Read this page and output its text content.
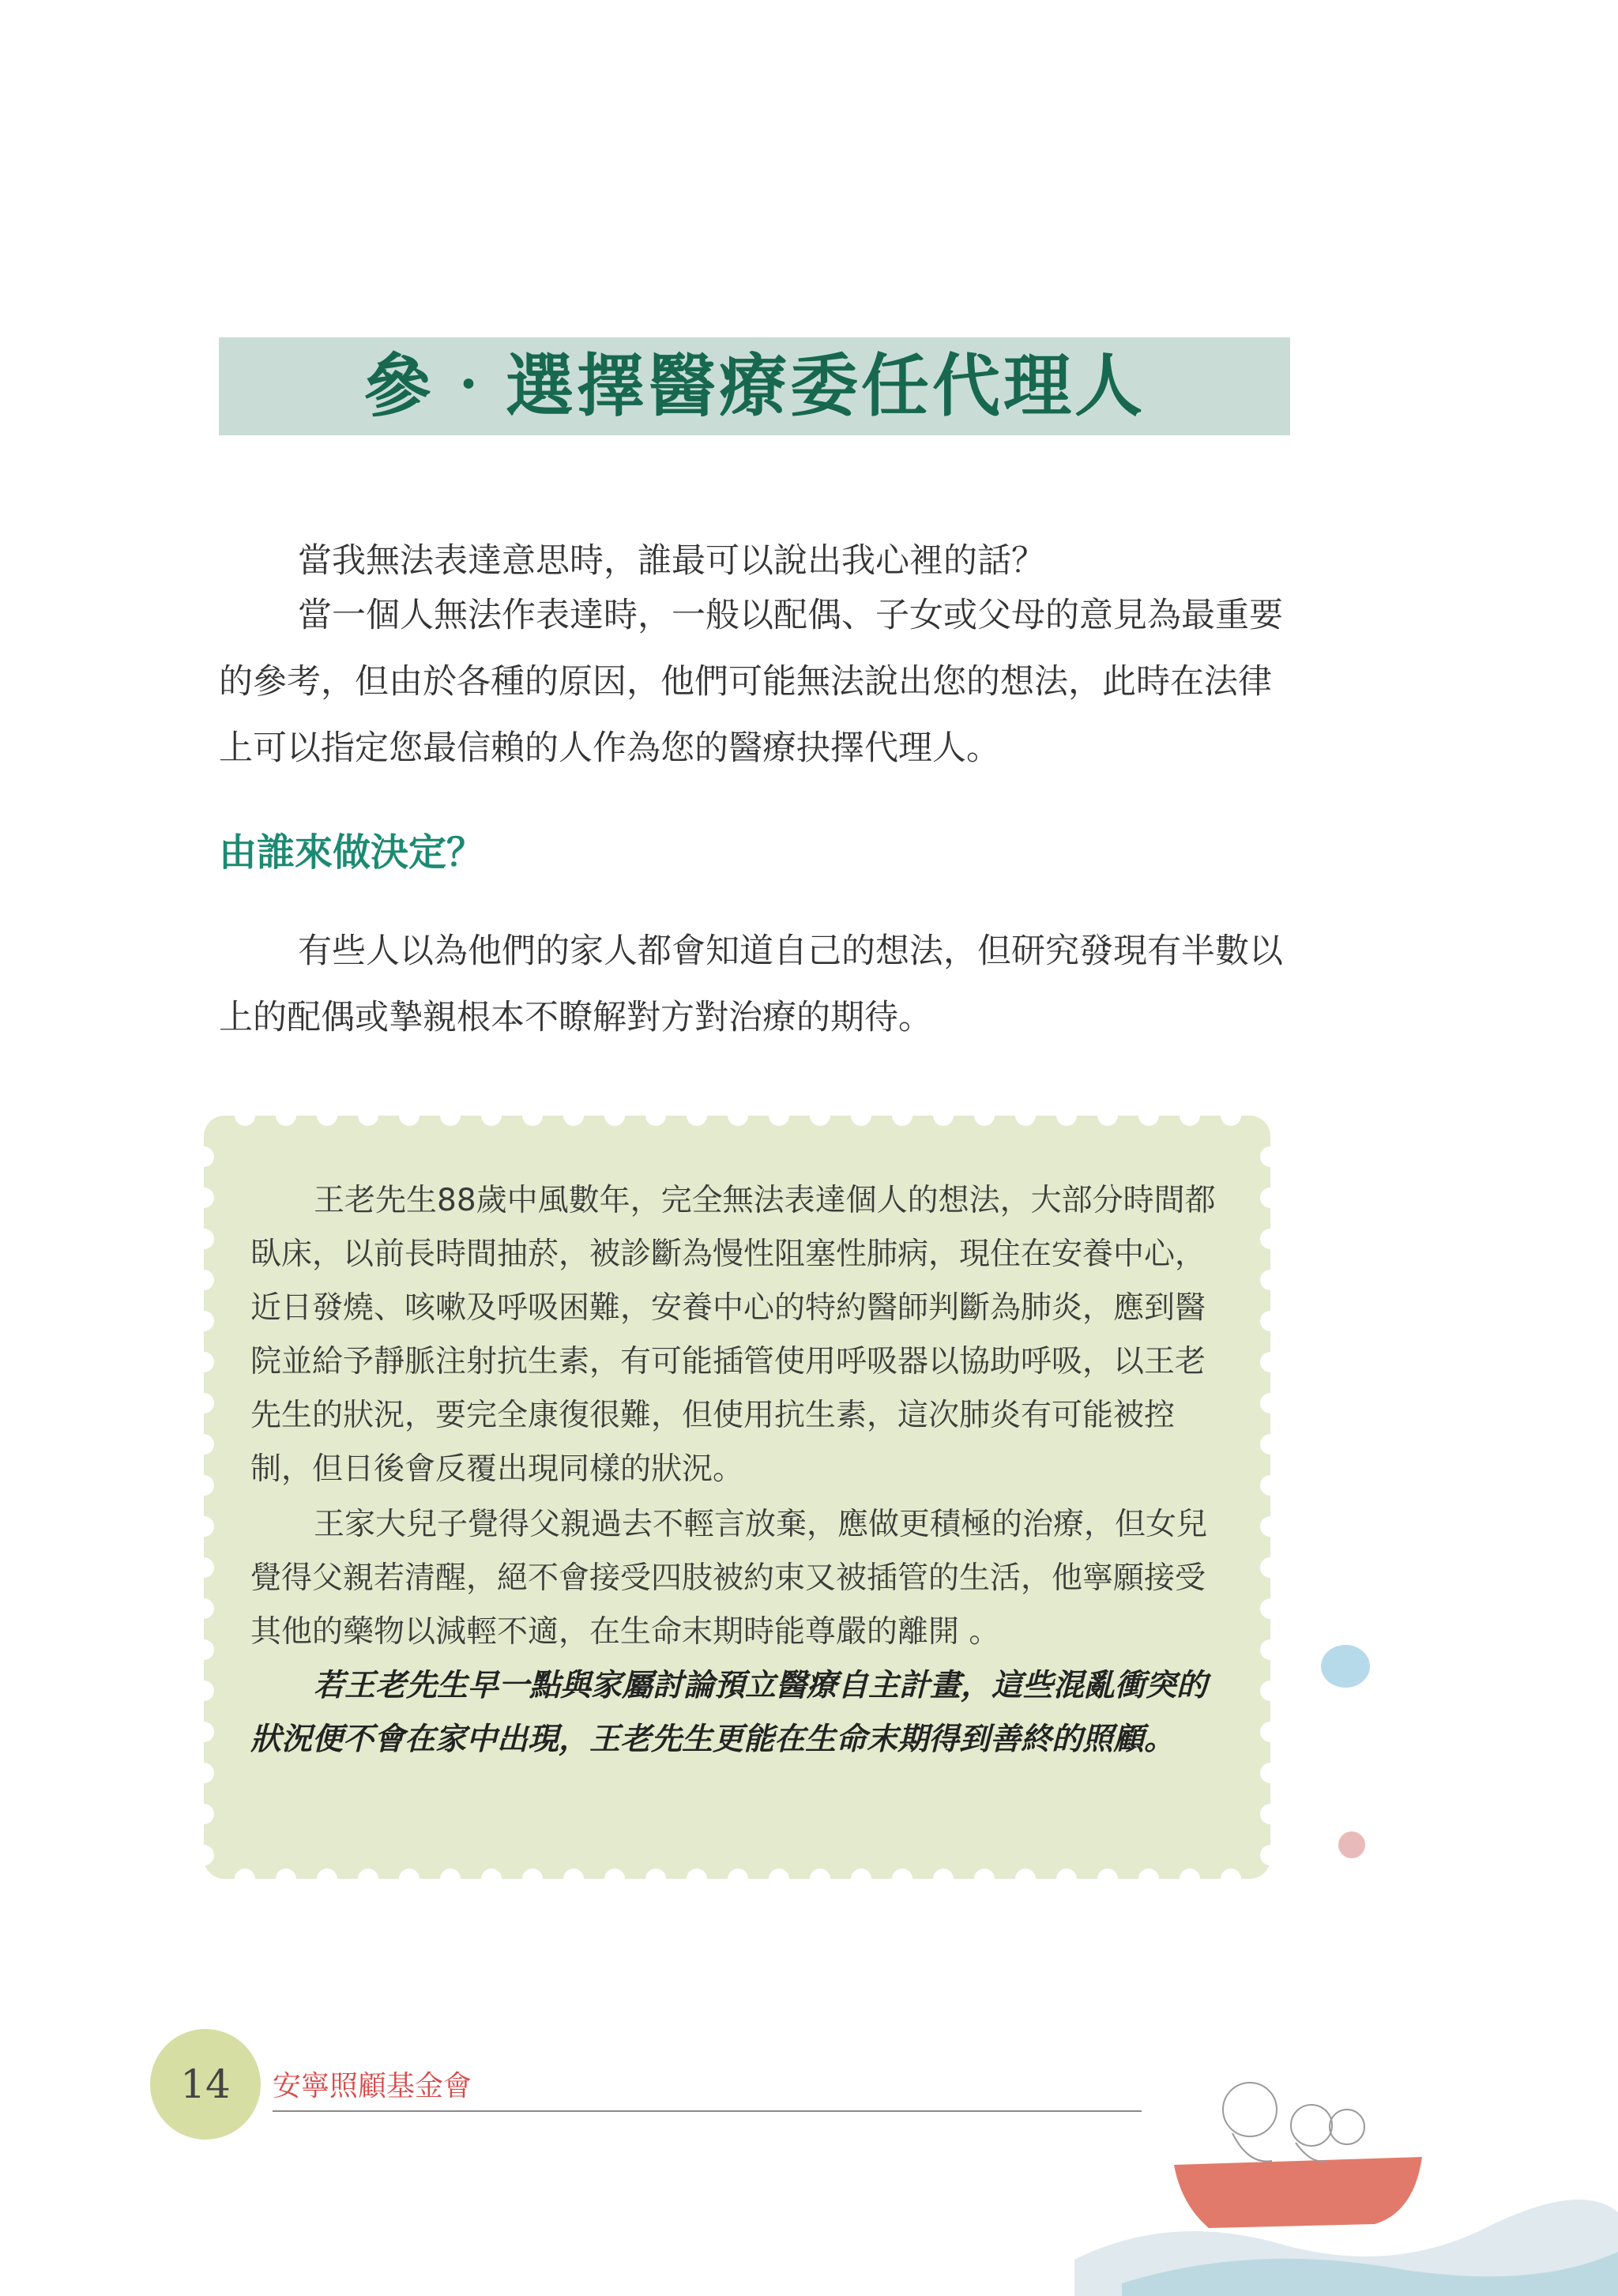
參‧選擇醫療委任代理人

當我無法表達意思時，誰最可以說出我心裡的話？

當一個人無法作表達時，一般以配偶、子女或父母的意見為最重要的參考，但由於各種的原因，他們可能無法說出您的想法，此時在法律上可以指定您最信賴的人作為您的醫療抉擇代理人。

由誰來做決定？

有些人以為他們的家人都會知道自己的想法，但研究發現有半數以上的配偶或摯親根本不瞭解對方對治療的期待。

王老先生88歲中風數年，完全無法表達個人的想法，大部分時間都臥床，以前長時間抽菸，被診斷為慢性阻塞性肺病，現住在安養中心，近日發燒、咳嗽及呼吸困難，安養中心的特約醫師判斷為肺炎，應到醫院並給予靜脈注射抗生素，有可能插管使用呼吸器以協助呼吸，以王老先生的狀況，要完全康復很難，但使用抗生素，這次肺炎有可能被控制，但日後會反覆出現同樣的狀況。

王家大兒子覺得父親過去不輕言放棄，應做更積極的治療，但女兒覺得父親若清醒，絕不會接受四肢被約束又被插管的生活，他寧願接受其他的藥物以減輕不適，在生命末期時能尊嚴的離開 。

若王老先生早一點與家屬討論預立醫療自主計畫，這些混亂衝突的狀況便不會在家中出現，王老先生更能在生命末期得到善終的照顧。

14	安寧照顧基金會
